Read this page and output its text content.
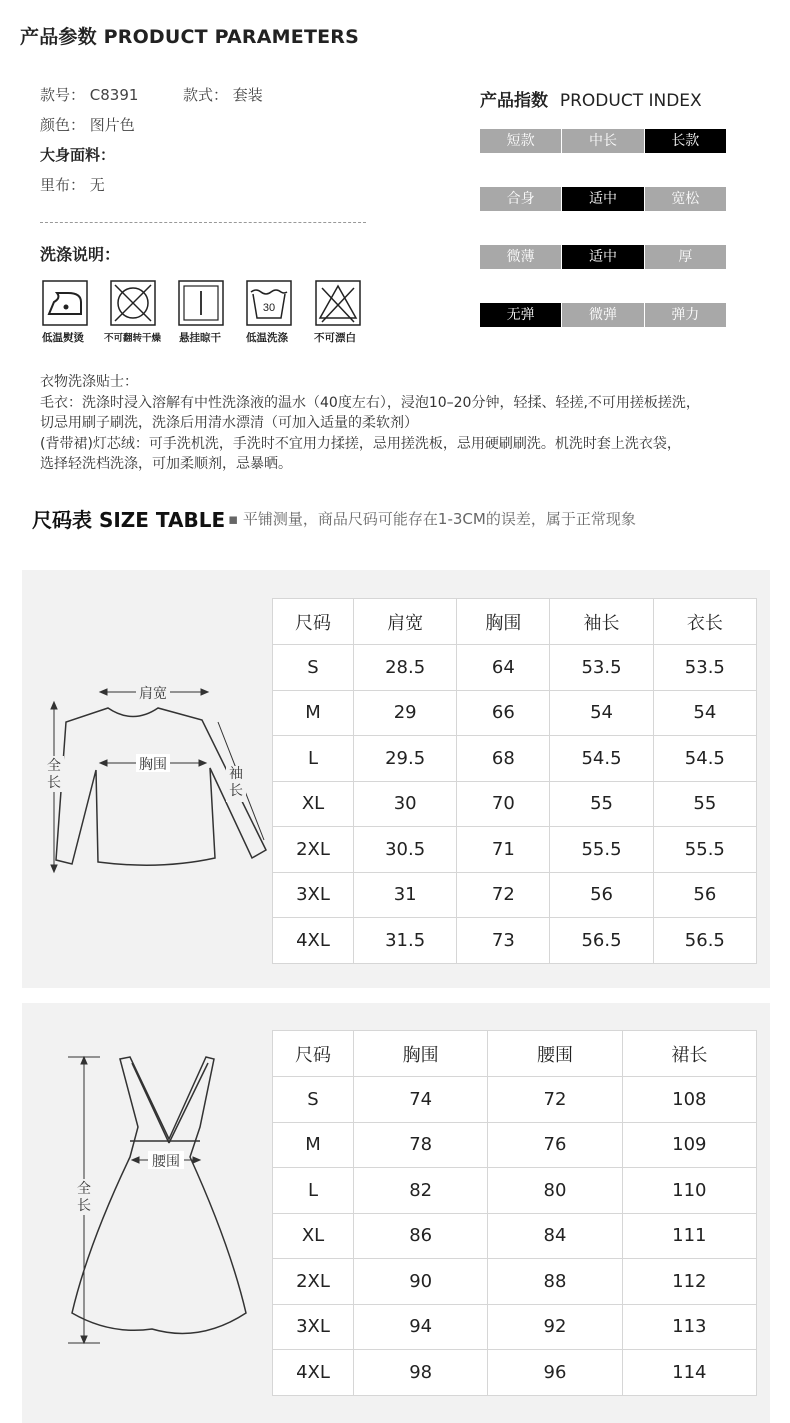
产品参数 PRODUCT PARAMETERS
款号： C8391	款式： 套装
颜色： 图片色
大身面料：
里布： 无
洗涤说明：
30
低温熨烫 不可翻转干燥 悬挂晾干 低温洗涤 不可漂白
产品指数 PRODUCT INDEX
短款	中长	长款
合身	适中	宽松
微薄	适中	厚
无弹	微弹	弹力
衣物洗涤贴士：
毛衣：洗涤时浸入溶解有中性洗涤液的温水（40度左右），浸泡10–20分钟，轻揉、轻搓,不可用搓板搓洗，
切忌用刷子刷洗，洗涤后用清水漂清（可加入适量的柔软剂）
(背带裙)灯芯绒：可手洗机洗，手洗时不宜用力揉搓，忌用搓洗板，忌用硬刷刷洗。机洗时套上洗衣袋，
选择轻洗档洗涤，可加柔顺剂，忌暴晒。
尺码表 SIZE TABLE ▪ 平铺测量，商品尺码可能存在1-3CM的误差，属于正常现象
肩宽
胸围
全长
袖长
尺码	肩宽	胸围	袖长	衣长
S	28.5	64	53.5	53.5
M	29	66	54	54
L	29.5	68	54.5	54.5
XL	30	70	55	55
2XL	30.5	71	55.5	55.5
3XL	31	72	56	56
4XL	31.5	73	56.5	56.5
腰围
全长
尺码	胸围	腰围	裙长
S	74	72	108
M	78	76	109
L	82	80	110
XL	86	84	111
2XL	90	88	112
3XL	94	92	113
4XL	98	96	114
